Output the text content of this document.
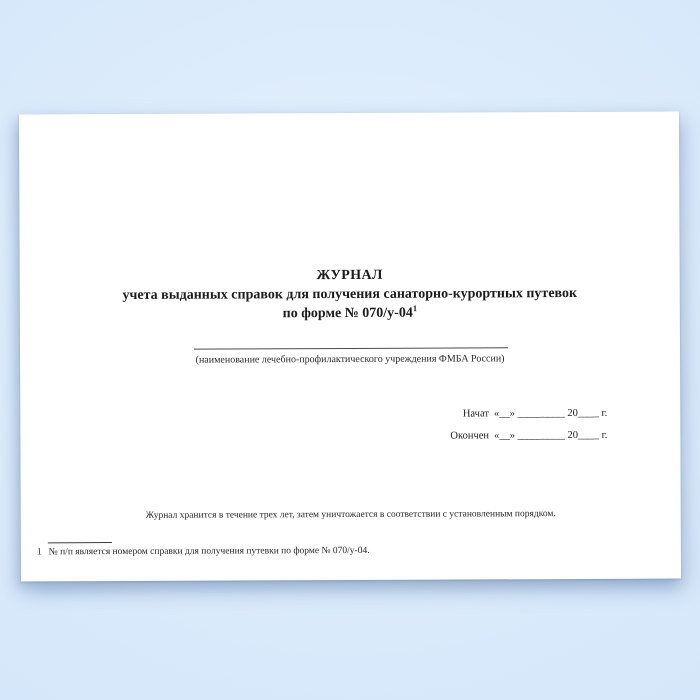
ЖУРНАЛ
учета выданных справок для получения санаторно-курортных путевок
по форме № $070/у-04^1$
(наименование лечебно-профилактического учреждения ФМБА России)
Начат «__» _________ 20____ г.
Окончен «__» _________ 20____ г.
Журнал хранится в течение трех лет, затем уничтожается в соответствии с установленным порядком.
1 № п/п является номером справки для получения путевки по форме № 070/у-04.
